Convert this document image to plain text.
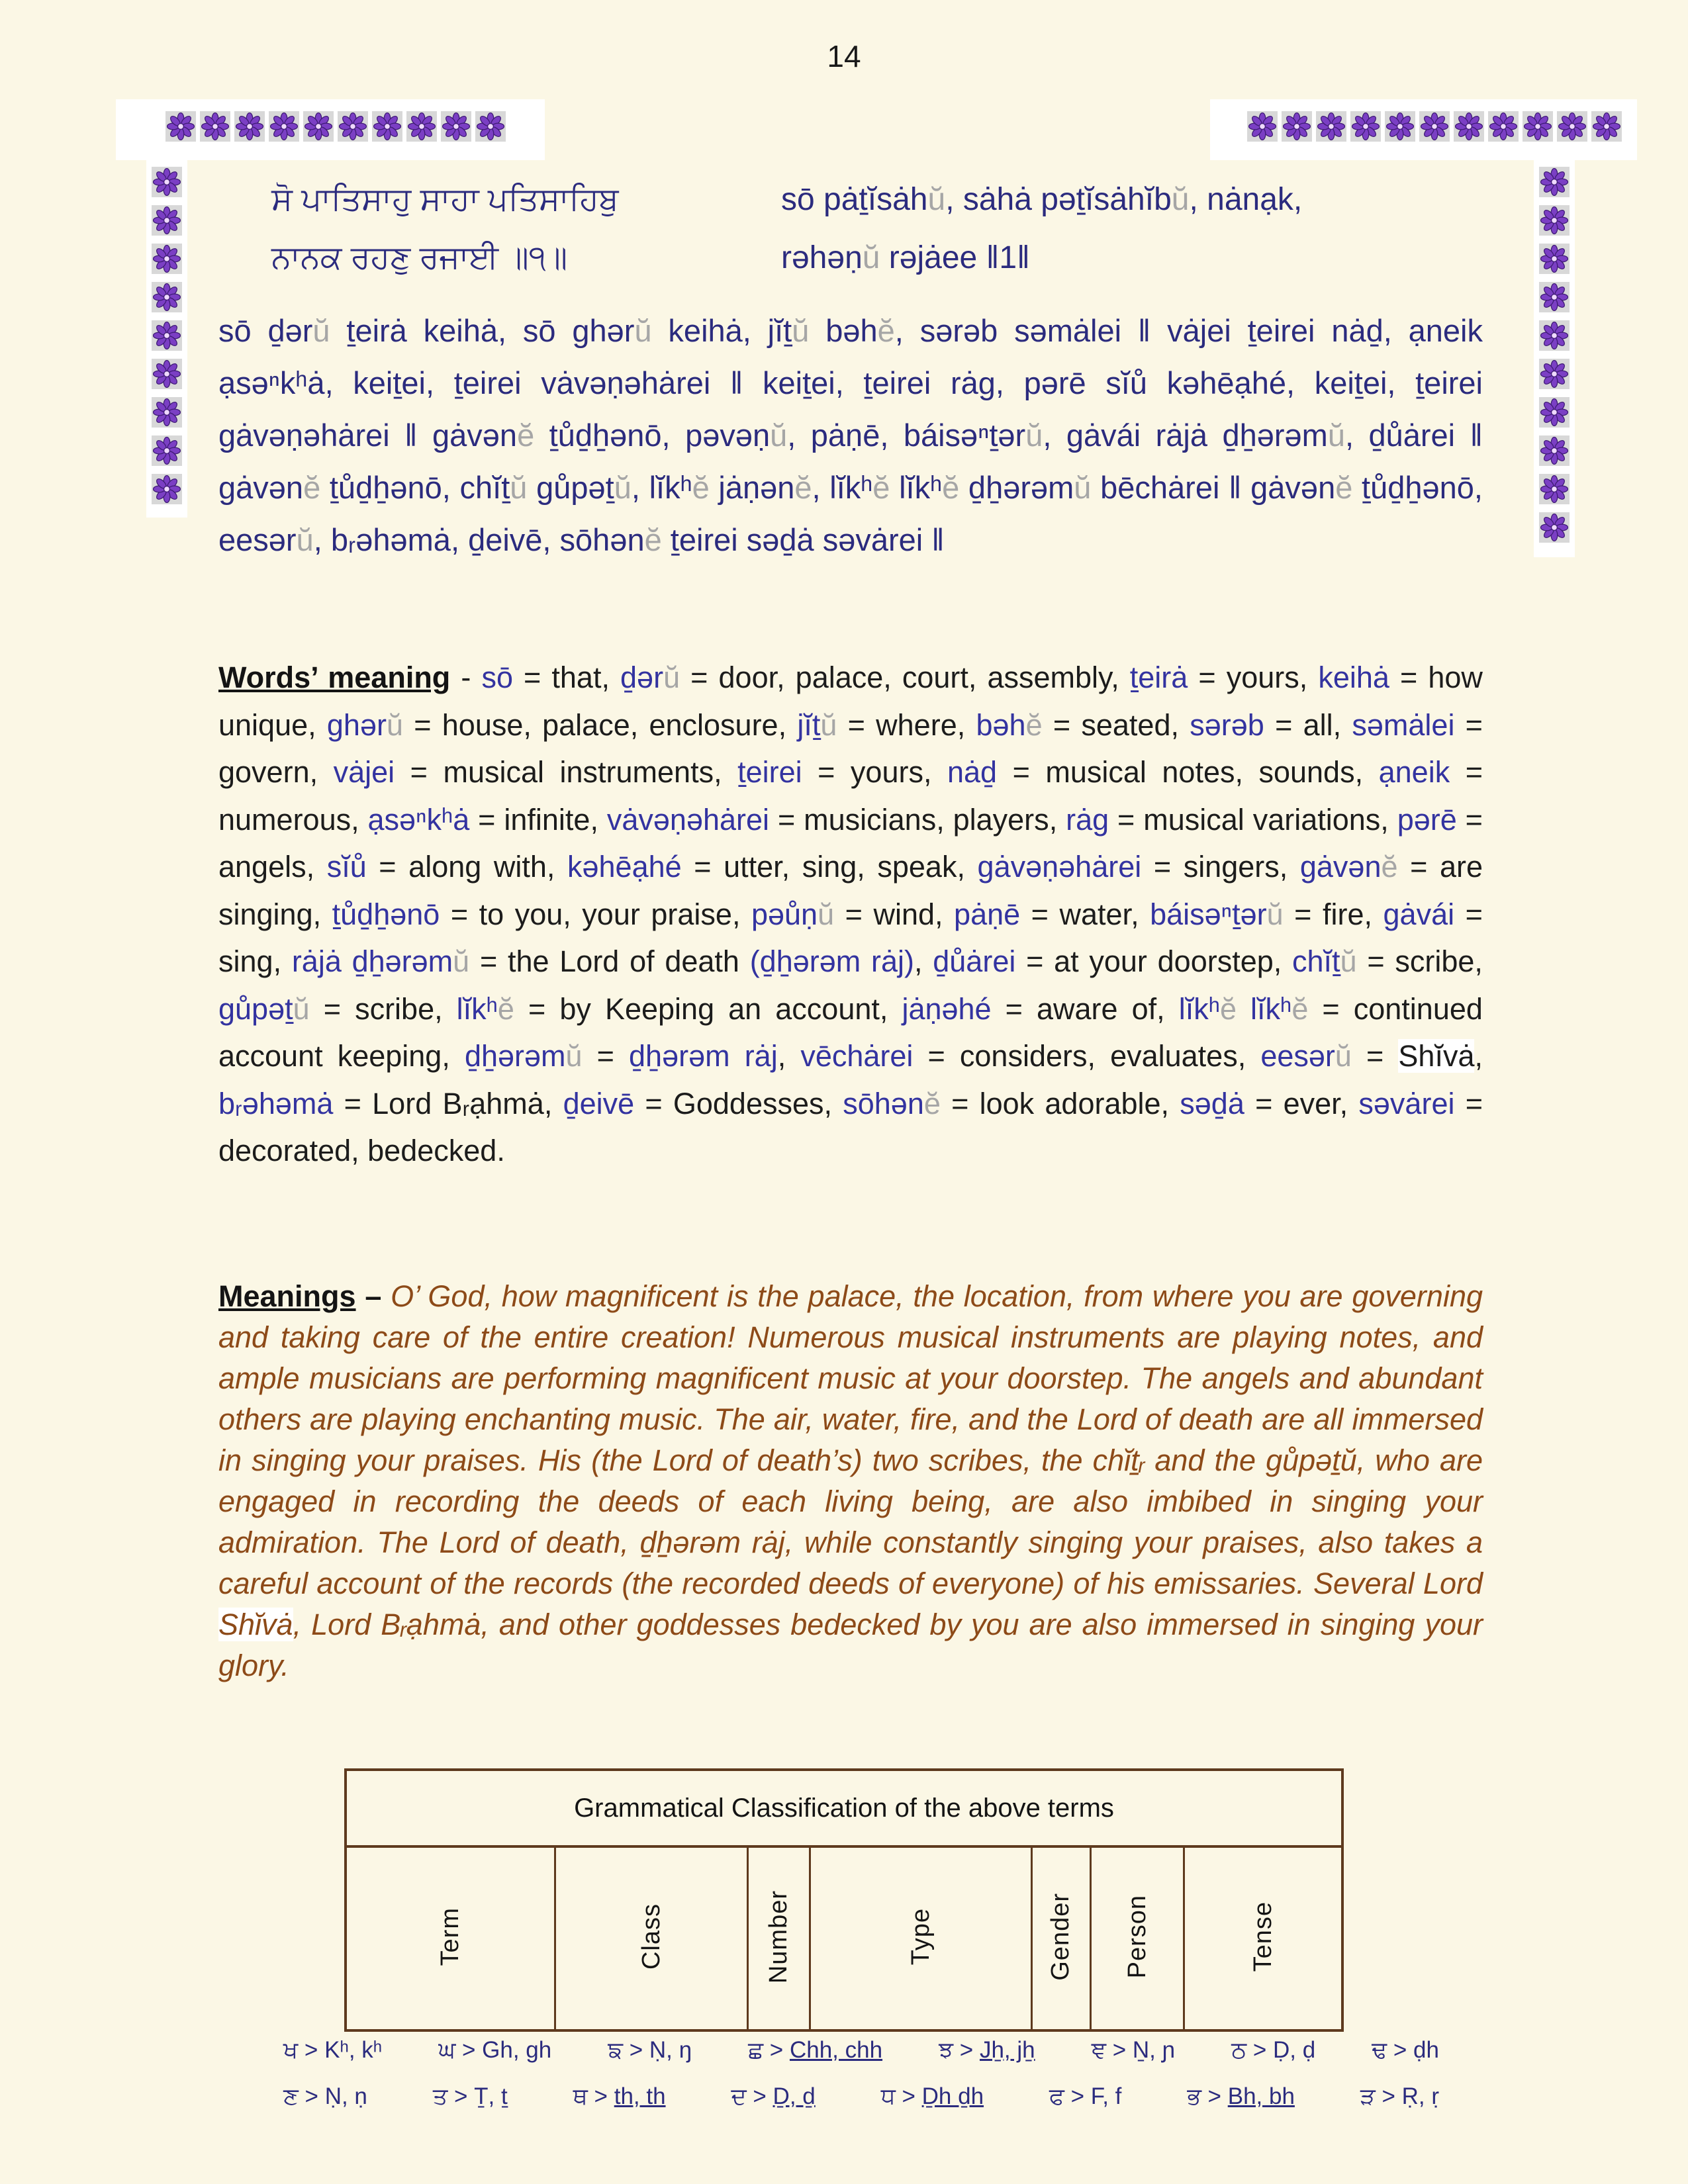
14
ਸੋ ਪਾਤਿਸਾਹੁ ਸਾਹਾ ਪਤਿਸਾਹਿਬੁ
ਨਾਨਕ ਰਹਣੁ ਰਜਾਈ ॥੧॥
sō pȧṯĭsȧhŭ, sȧhȧ pəṯĭsȧhĭbŭ, nȧnạk,
rəhəṇŭ rəjȧee ‖1‖
sō ḏərŭ ṯeirȧ keihȧ, sō ghərŭ keihȧ, jĭṯŭ bəhĕ, sərəb səmȧlei ‖ vȧjei ṯeirei nȧḏ, ạneik ạsəⁿkʰȧ, keiṯei, ṯeirei vȧvəṇəhȧrei ‖ keiṯei, ṯeirei rȧg, pərē sĭů kəhēạhé, keiṯei, ṯeirei gȧvəṇəhȧrei ‖ gȧvənĕ ṯůḏẖənō, pəvəṇŭ, pȧṇē, báisəⁿṯərŭ, gȧvái rȧjȧ ḏẖərəmŭ, ḏůȧrei ‖ gȧvənĕ ṯůḏẖənō, chĭṯŭ gůpəṯŭ, lĭkʰĕ jȧṇənĕ, lĭkʰĕ lĭkʰĕ ḏẖərəmŭ bēchȧrei ‖ gȧvənĕ ṯůḏẖənō, eesərŭ, bᵣəhəmȧ, ḏeivē, sōhənĕ ṯeirei səḏȧ səvȧrei ‖
Words’ meaning - sō = that, ḏərŭ = door, palace, court, assembly, ṯeirȧ = yours, keihȧ = how unique, ghərŭ = house, palace, enclosure, jĭṯŭ = where, bəhĕ = seated, sərəb = all, səmȧlei = govern, vȧjei = musical instruments, ṯeirei = yours, nȧḏ = musical notes, sounds, ạneik = numerous, ạsəⁿkʰȧ = infinite, vȧvəṇəhȧrei = musicians, players, rȧg = musical variations, pərē = angels, sĭů = along with, kəhēạhé = utter, sing, speak, gȧvəṇəhȧrei = singers, gȧvənĕ = are singing, ṯůḏẖənō = to you, your praise, pəůṇŭ = wind, pȧṇē = water, báisəⁿṯərŭ = fire, gȧvái = sing, rȧjȧ ḏẖərəmŭ = the Lord of death (ḏẖərəm rȧj), ḏůȧrei = at your doorstep, chĭṯŭ = scribe, gůpəṯŭ = scribe, lĭkʰĕ = by Keeping an account, jȧṇəhé = aware of, lĭkʰĕ lĭkʰĕ = continued account keeping, ḏẖərəmŭ = ḏẖərəm rȧj, vēchȧrei = considers, evaluates, eesərŭ = Shĭvȧ, bᵣəhəmȧ = Lord Bᵣạhmȧ, ḏeivē = Goddesses, sōhənĕ = look adorable, səḏȧ = ever, səvȧrei = decorated, bedecked.
Meanings – O’ God, how magnificent is the palace, the location, from where you are governing and taking care of the entire creation! Numerous musical instruments are playing notes, and ample musicians are performing magnificent music at your doorstep. The angels and abundant others are playing enchanting music. The air, water, fire, and the Lord of death are all immersed in singing your praises. His (the Lord of death’s) two scribes, the chĭṯᵣ and the gůpəṯŭ, who are engaged in recording the deeds of each living being, are also imbibed in singing your admiration. The Lord of death, ḏẖərəm rȧj, while constantly singing your praises, also takes a careful account of the records (the recorded deeds of everyone) of his emissaries. Several Lord Shĭvȧ, Lord Bᵣạhmȧ, and other goddesses bedecked by you are also immersed in singing your glory.
Grammatical Classification of the above terms
Term	Class	Number	Type	Gender	Person	Tense
ਖ > Kʰ, kʰ ਘ > Gh, gh ਙ > Ṇ, ŋ ਛ > Chh, chh ਝ > Jẖ, jẖ ਞ > Ṉ, ɲ ਠ > Ḍ, ḍ ਢ > ḍh
ਣ > Ṇ, ṇ	ਤ > Ṯ, ṯ	ਥ > th, th	ਦ > Ḏ, ḏ	ਧ > Ḏh ḏh	ਫ > F, f	ਭ > Bh, bh	ੜ > Ṛ, ṛ
